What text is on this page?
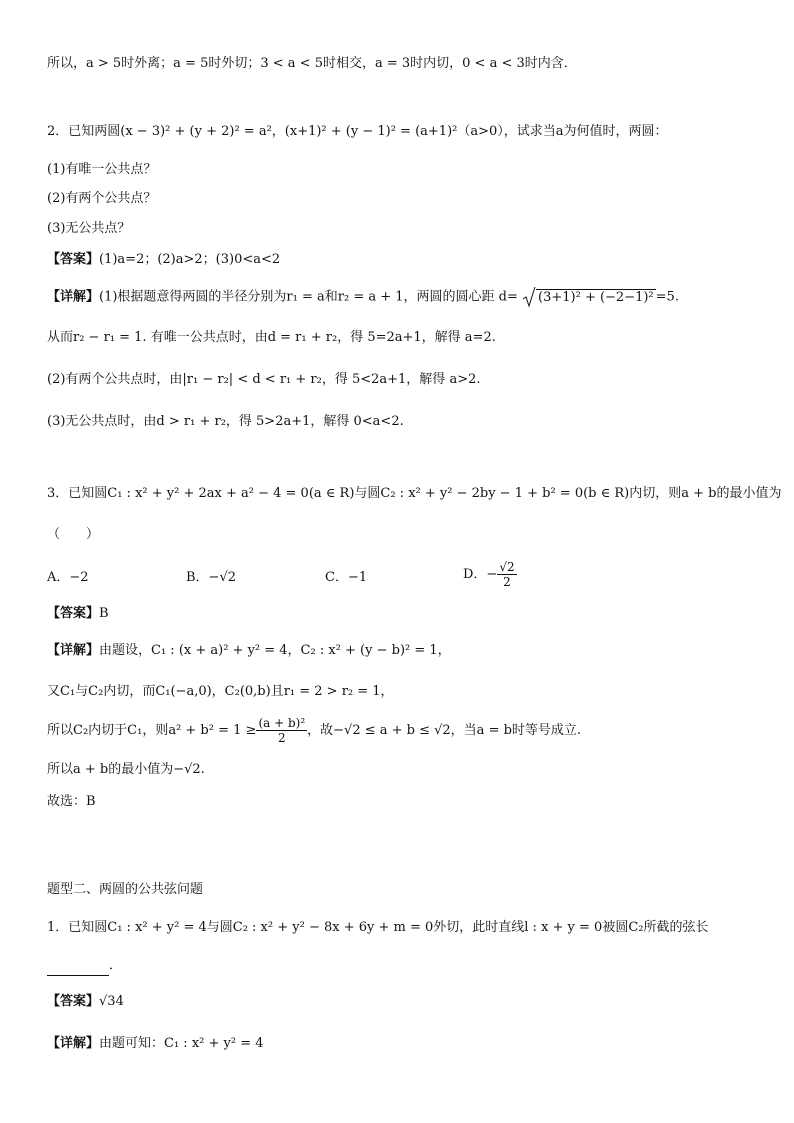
所以，a > 5时外离；a = 5时外切；3 < a < 5时相交，a = 3时内切，0 < a < 3时内含．
2．已知两圆(x − 3)² + (y + 2)² = a²，(x+1)² + (y − 1)² = (a+1)²（a>0），试求当a为何值时，两圆：
(1)有唯一公共点？
(2)有两个公共点？
(3)无公共点？
【答案】(1)a=2；(2)a>2；(3)0<a<2
【详解】(1)根据题意得两圆的半径分别为r₁ = a和r₂ = a + 1，两圆的圆心距 d= (3+1)² + (−2−1)² =5.
从而r₂ − r₁ = 1. 有唯一公共点时，由d = r₁ + r₂，得 5=2a+1，解得 a=2.
(2)有两个公共点时，由|r₁ − r₂| < d < r₁ + r₂，得 5<2a+1，解得 a>2.
(3)无公共点时，由d > r₁ + r₂，得 5>2a+1，解得 0<a<2.
3．已知圆C₁ : x² + y² + 2ax + a² − 4 = 0(a ∈ R)与圆C₂ : x² + y² − 2by − 1 + b² = 0(b ∈ R)内切，则a + b的最小值为
（　　）
A．−2	B．−√2	C．−1	D．− $\frac{√2}{2}$
【答案】B
【详解】由题设，C₁ : (x + a)² + y² = 4，C₂ : x² + (y − b)² = 1，
又C₁与C₂内切，而C₁(−a,0)，C₂(0,b)且r₁ = 2 > r₂ = 1，
所以C₂内切于C₁，则$a^2 + b^2 = 1 \ge \frac{\text{(a + b)²}}{2}$ ，故−√2 ≤ a + b ≤ √2，当a = b时等号成立.
所以a + b的最小值为−√2.
故选：B
题型二、两圆的公共弦问题
1．已知圆C₁ : x² + y² = 4与圆C₂ : x² + y² − 8x + 6y + m = 0外切，此时直线l : x + y = 0被圆C₂所截的弦长
．
【答案】√34
【详解】由题可知：C₁ : x² + y² = 4
